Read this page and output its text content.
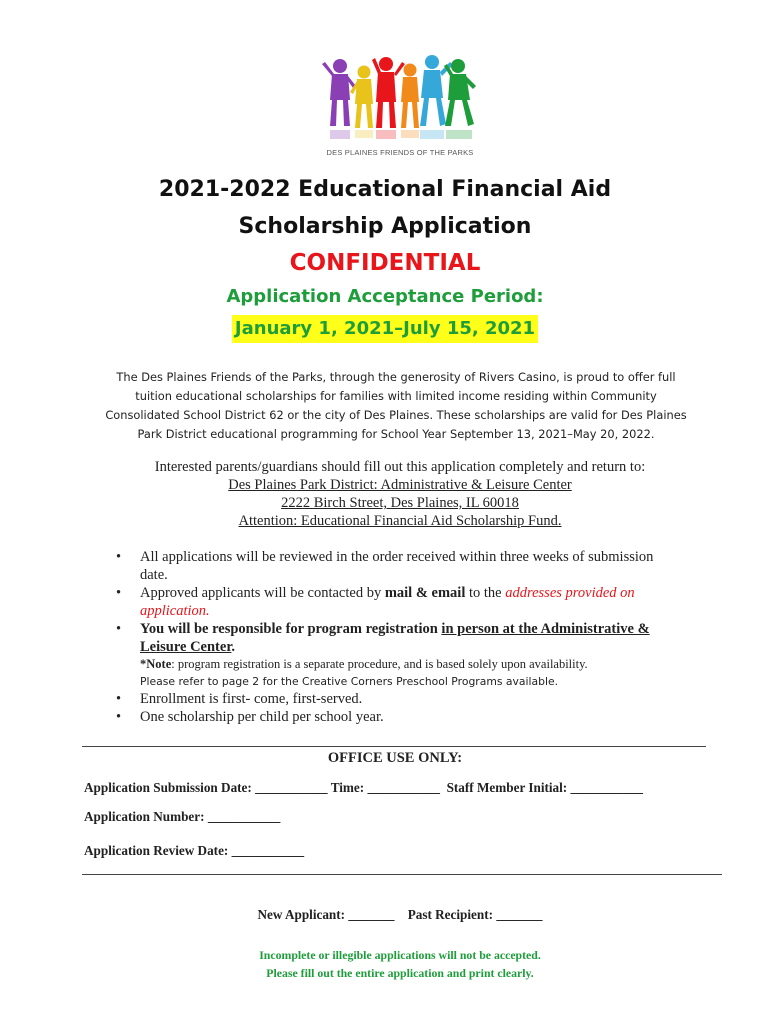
DES PLAINES FRIENDS OF THE PARKS
2021-2022 Educational Financial Aid
Scholarship Application
CONFIDENTIAL
Application Acceptance Period:
January 1, 2021–July 15, 2021
The Des Plaines Friends of the Parks, through the generosity of Rivers Casino, is proud to offer full
tuition educational scholarships for families with limited income residing within Community
Consolidated School District 62 or the city of Des Plaines. These scholarships are valid for Des Plaines
Park District educational programming for School Year September 13, 2021–May 20, 2022.
Interested parents/guardians should fill out this application completely and return to:
Des Plaines Park District: Administrative & Leisure Center
2222 Birch Street, Des Plaines, IL 60018
Attention: Educational Financial Aid Scholarship Fund.
• All applications will be reviewed in the order received within three weeks of submission
date.
• Approved applicants will be contacted by mail & email to the addresses provided on
application.
• You will be responsible for program registration in person at the Administrative &
Leisure Center.
*Note: program registration is a separate procedure, and is based solely upon availability.
Please refer to page 2 for the Creative Corners Preschool Programs available.
• Enrollment is first- come, first-served.
• One scholarship per child per school year.
OFFICE USE ONLY:
Application Submission Date: ___________ Time: ___________  Staff Member Initial: ___________
Application Number: ___________
Application Review Date: ___________
New Applicant: _______    Past Recipient: _______
Incomplete or illegible applications will not be accepted.
Please fill out the entire application and print clearly.
